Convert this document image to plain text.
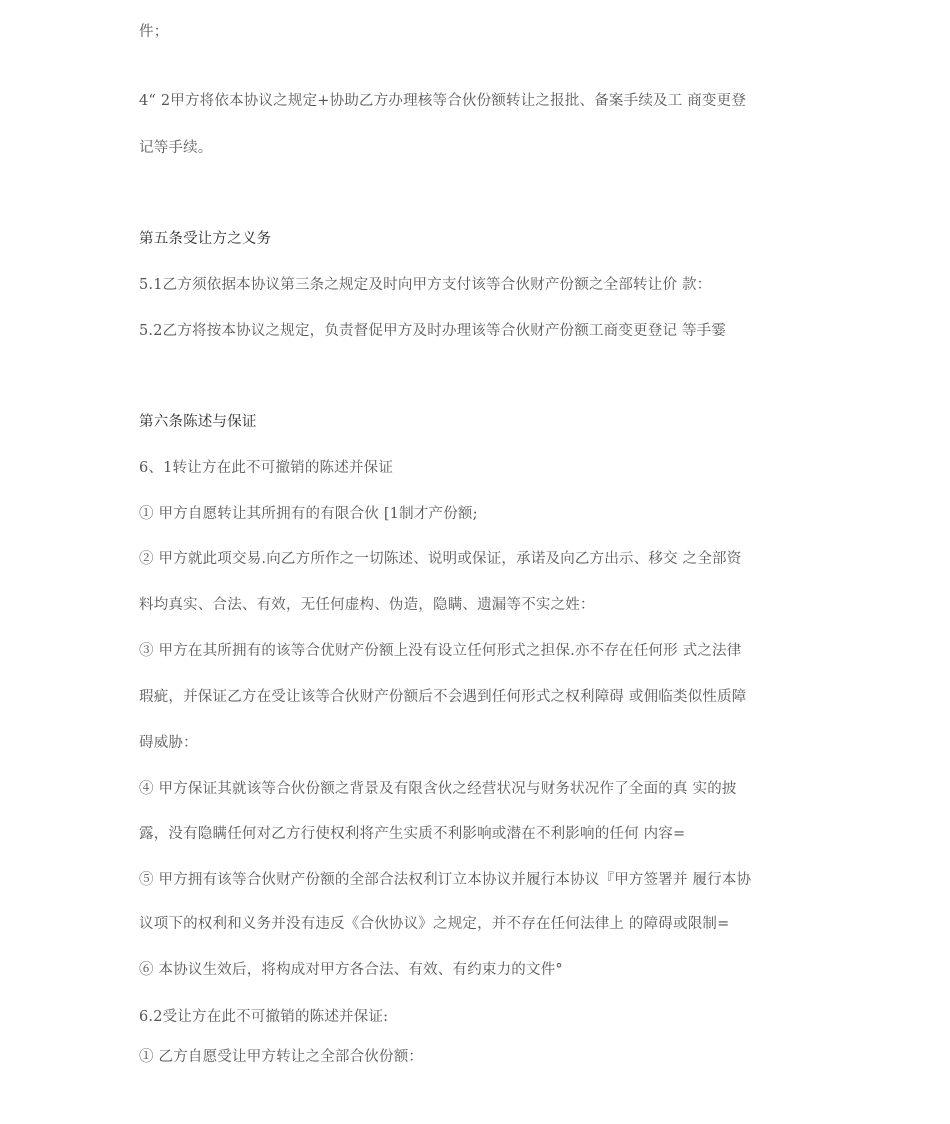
件；
4“ 2甲方将依本协议之规定+协助乙方办理核等合伙份额转让之报批、备案手续及工 商变更登
记等手续。
第五条受让方之义务
5.1乙方须依据本协议第三条之规定及时向甲方支付该等合伙财产份额之全部转让价 款：
5.2乙方将按本协议之规定，负责督促甲方及时办理该等合伙财产份额工商变更登记 等手霎
第六条陈述与保证
6、1转让方在此不可撤销的陈述并保证
① 甲方自愿转让其所拥有的有限合伙 [1制才产份额;
② 甲方就此项交易.向乙方所作之一切陈述、说明或保证，承诺及向乙方出示、移交 之全部资
料均真实、合法、有效，无任何虚构、伪造，隐瞒、遗漏等不实之姓：
③ 甲方在其所拥有的该等合优财产份额上没有设立任何形式之担保.亦不存在任何形 式之法律
瑕疵，并保证乙方在受让该等合伙财产份额后不会遇到任何形式之权利障碍 或佣临类似性质障
碍威胁：
④ 甲方保证其就该等合伙份额之背景及有限含伙之经营状况与财务状况作了全面的真 实的披
露，没有隐瞒任何对乙方行使权利将产生实质不利影响或潜在不利影响的任何 内容=
⑤ 甲方拥有该等合伙财产份额的全部合法权利订立本协议并履行本协议『甲方签署并 履行本协
议项下的权利和义务并没有违反《合伙协议》之规定，并不存在任何法律上 的障碍或限制=
⑥ 本协议生效后，将构成对甲方各合法、有效、有约束力的文件°
6.2受让方在此不可撤销的陈述并保证:
① 乙方自愿受让甲方转让之全部合伙份额：
